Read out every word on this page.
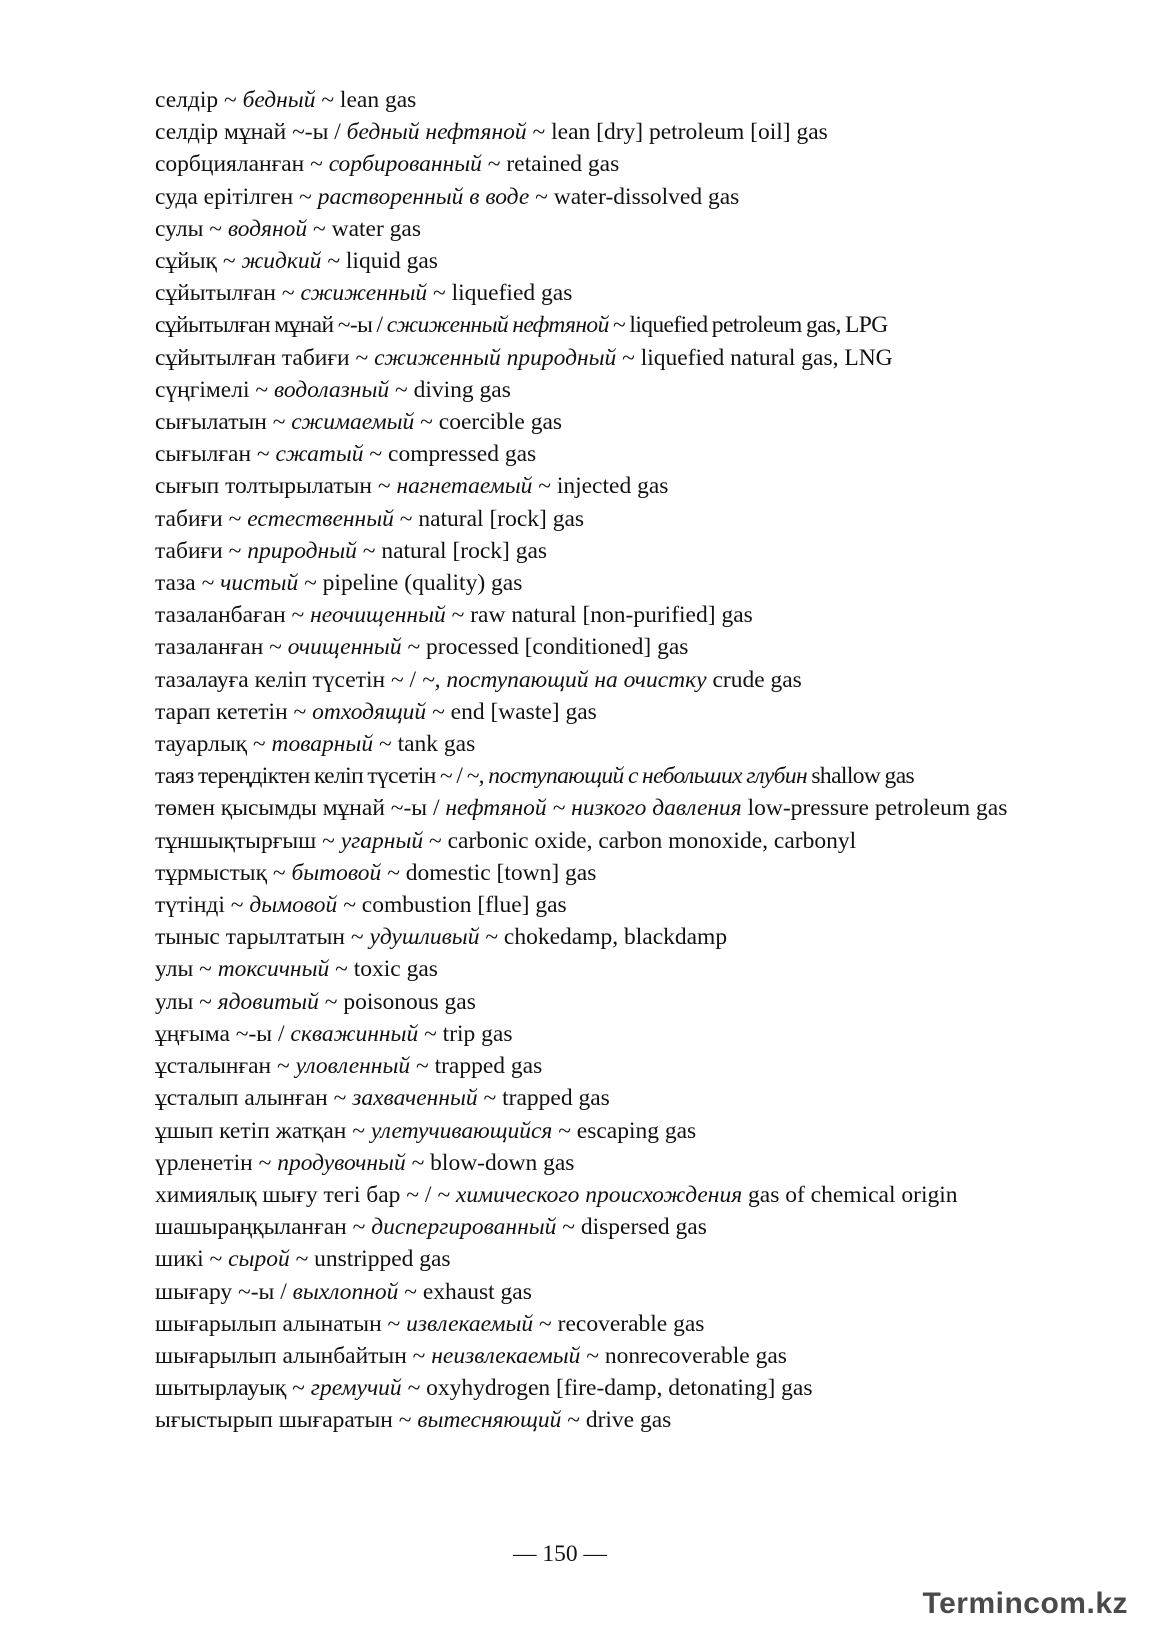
селдір ~ бедный ~ lean gas
селдір мұнай ~-ы / бедный нефтяной ~ lean [dry] petroleum [oil] gas
сорбцияланған ~ сорбированный ~ retained gas
суда ерітілген ~ растворенный в воде ~ water-dissolved gas
сулы ~ водяной ~ water gas
сұйық ~ жидкий ~ liquid gas
сұйытылған ~ сжиженный ~ liquefied gas
сұйытылған мұнай ~-ы / сжиженный нефтяной ~ liquefied petroleum gas, LPG
сұйытылған табиғи ~ сжиженный природный ~ liquefied natural gas, LNG
сүңгімелі ~ водолазный ~ diving gas
сығылатын ~ сжимаемый ~ coercible gas
сығылған ~ сжатый ~ compressed gas
сығып толтырылатын ~ нагнетаемый ~ injected gas
табиғи ~ естественный ~ natural [rock] gas
табиғи ~ природный ~ natural [rock] gas
таза ~ чистый ~ pipeline (quality) gas
тазаланбаған ~ неочищенный ~ raw natural [non-purified] gas
тазаланған ~ очищенный ~ processed [conditioned] gas
тазалауға келіп түсетін ~ / ~, поступающий на очистку crude gas
тарап кететін ~ отходящий ~ end [waste] gas
тауарлық ~ товарный ~ tank gas
таяз тереңдіктен келіп түсетін ~ / ~, поступающий с небольших глубин shallow gas
төмен қысымды мұнай ~-ы / нефтяной ~ низкого давления low-pressure petroleum gas
тұншықтырғыш ~ угарный ~ carbonic oxide, carbon monoxide, carbonyl
тұрмыстық ~ бытовой ~ domestic [town] gas
түтінді ~ дымовой ~ combustion [flue] gas
тыныс тарылтатын ~ удушливый ~ chokedamp, blackdamp
улы ~ токсичный ~ toxic gas
улы ~ ядовитый ~ poisonous gas
ұңғыма ~-ы / скважинный ~ trip gas
ұсталынған ~ уловленный ~ trapped gas
ұсталып алынған ~ захваченный ~ trapped gas
ұшып кетіп жатқан ~ улетучивающийся ~ escaping gas
үрленетін ~ продувочный ~ blow-down gas
химиялық шығу тегі бар ~ / ~ химического происхождения gas of chemical origin
шашыраңқыланған ~ диспергированный ~ dispersed gas
шикі ~ сырой ~ unstripped gas
шығару ~-ы / выхлопной ~ exhaust gas
шығарылып алынатын ~ извлекаемый ~ recoverable gas
шығарылып алынбайтын ~ неизвлекаемый ~ nonrecoverable gas
шытырлауық ~ гремучий ~ oxyhydrogen [fire-damp, detonating] gas
ығыстырып шығаратын ~ вытесняющий ~ drive gas
— 150 —
Termincom.kz
